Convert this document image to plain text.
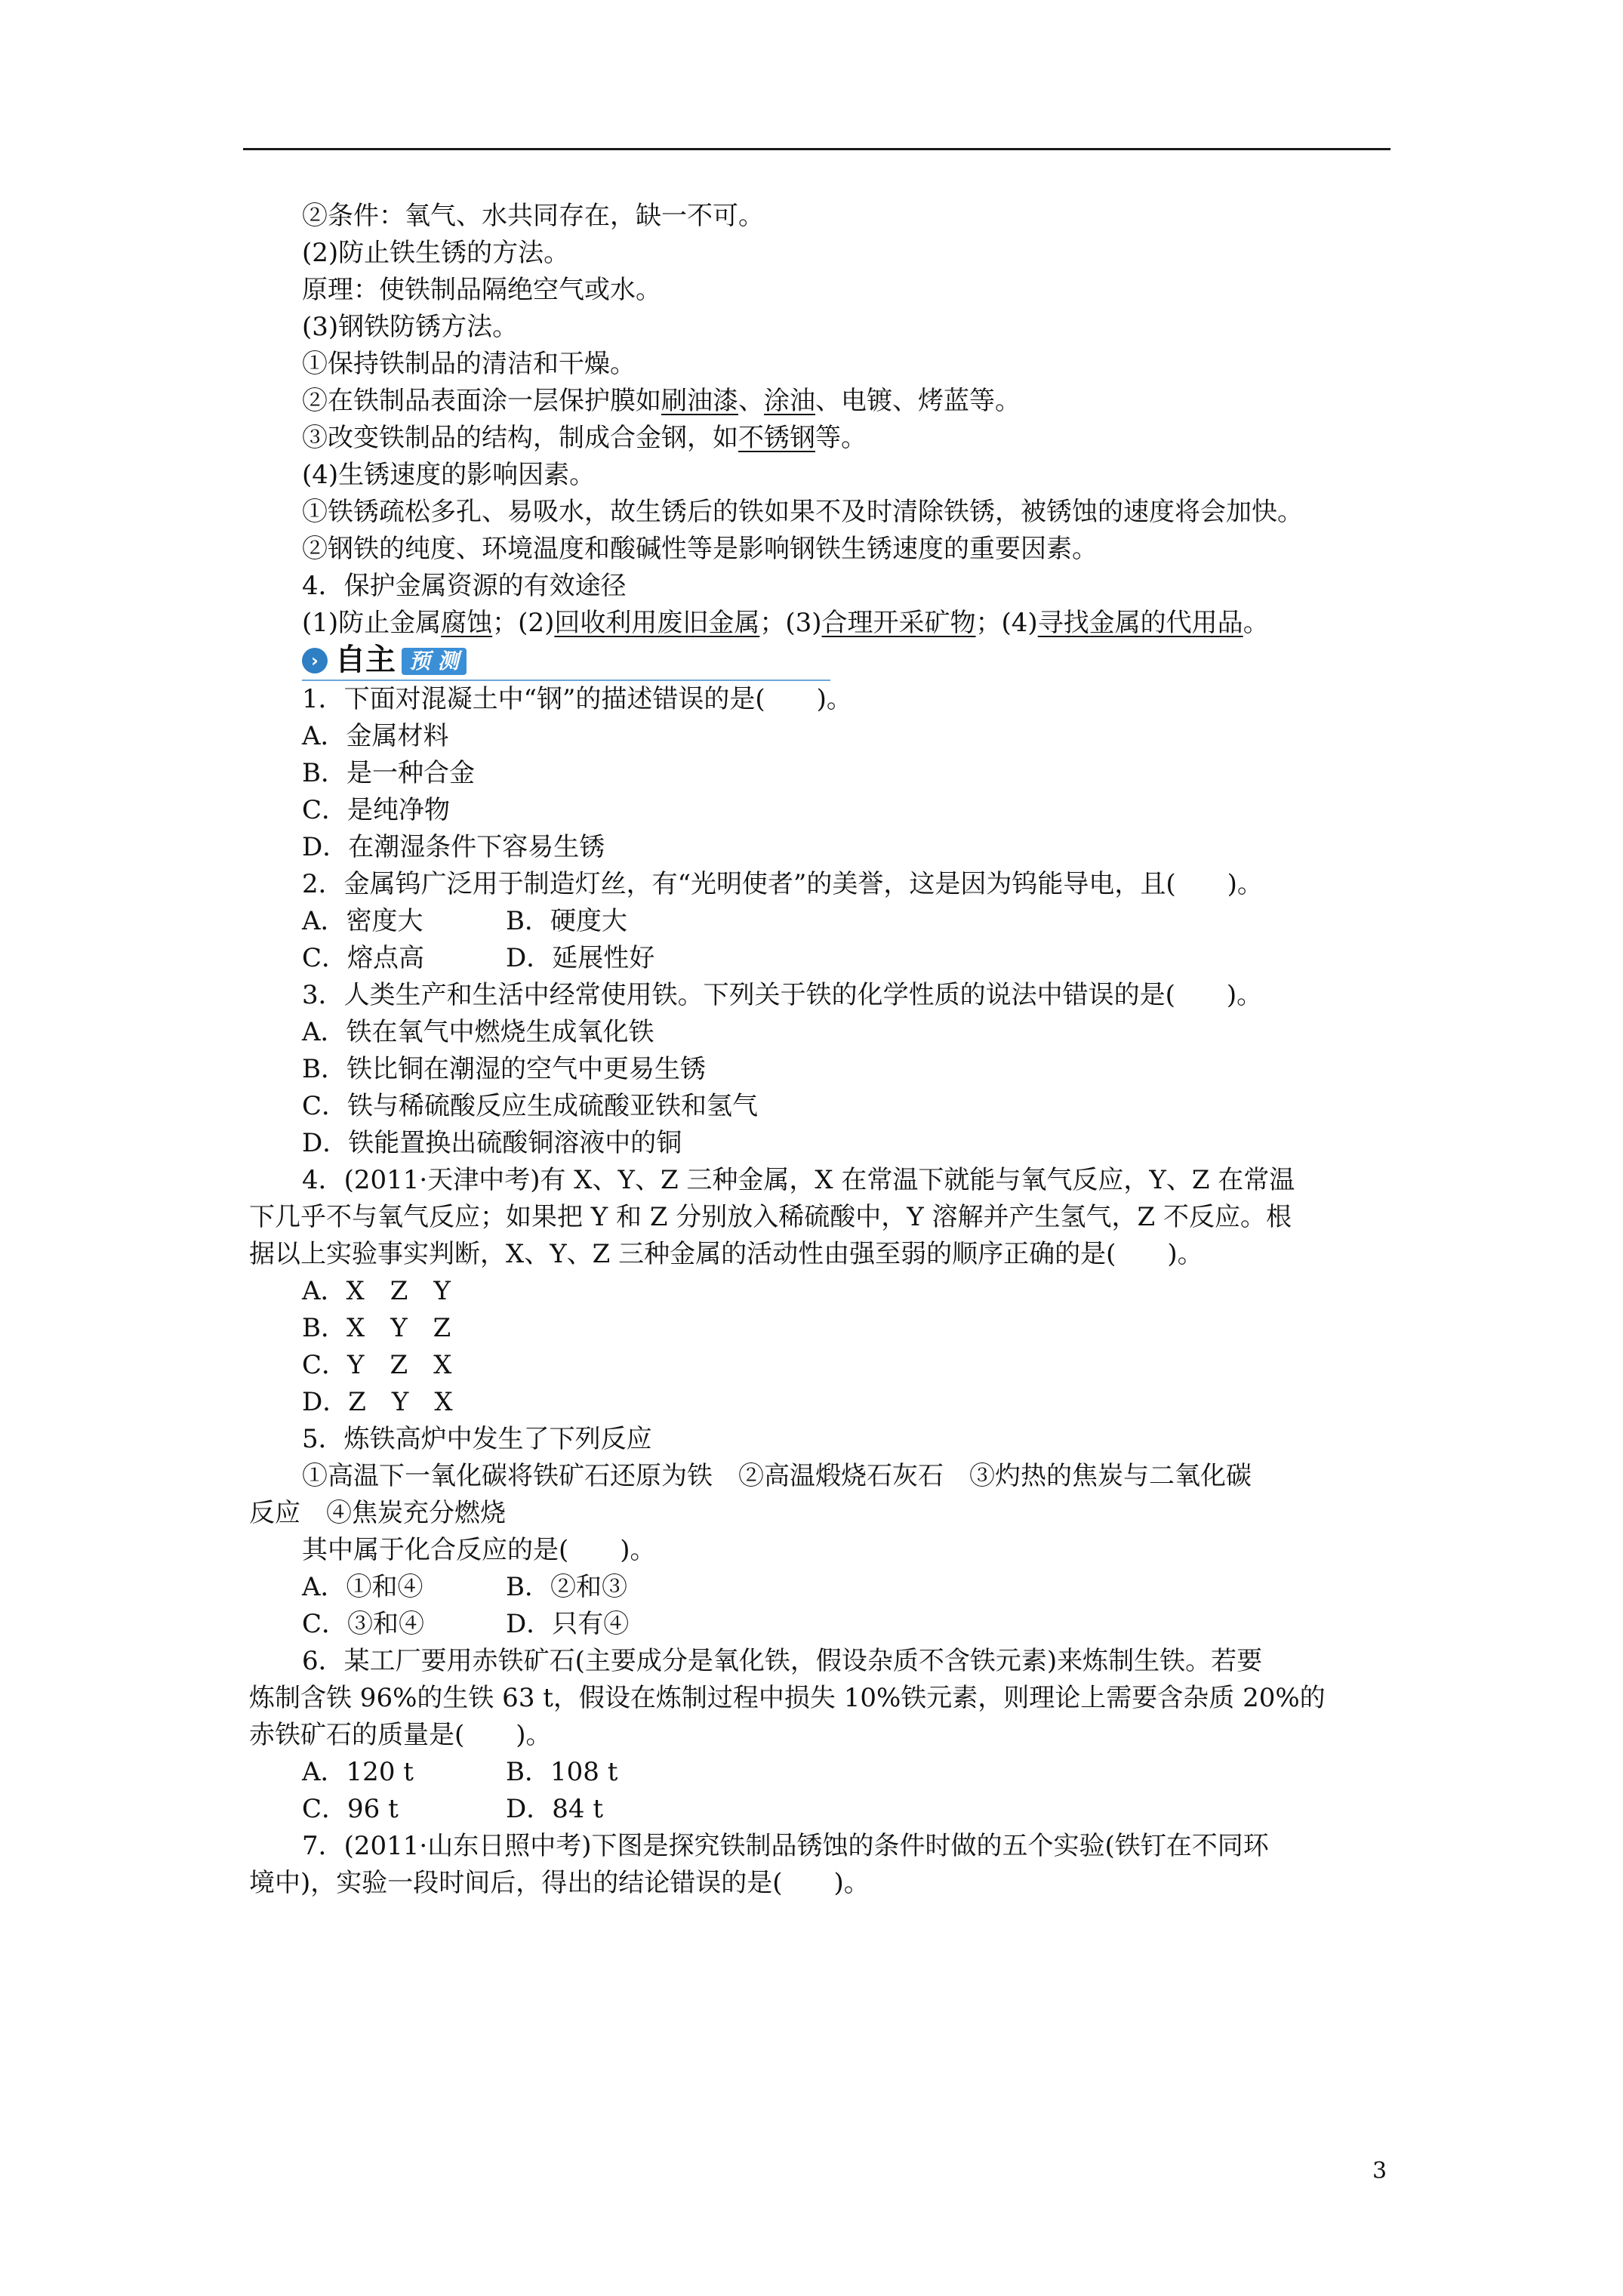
②条件：氧气、水共同存在，缺一不可。
(2)防止铁生锈的方法。
原理：使铁制品隔绝空气或水。
(3)钢铁防锈方法。
①保持铁制品的清洁和干燥。
②在铁制品表面涂一层保护膜如刷油漆、涂油、电镀、烤蓝等。
③改变铁制品的结构，制成合金钢，如不锈钢等。
(4)生锈速度的影响因素。
①铁锈疏松多孔、易吸水，故生锈后的铁如果不及时清除铁锈，被锈蚀的速度将会加快。
②钢铁的纯度、环境温度和酸碱性等是影响钢铁生锈速度的重要因素。
4．保护金属资源的有效途径
(1)防止金属腐蚀；(2)回收利用废旧金属；(3)合理开采矿物；(4)寻找金属的代用品。
› 自主 预 测
1．下面对混凝土中“钢”的描述错误的是(　　)。
A．金属材料
B．是一种合金
C．是纯净物
D．在潮湿条件下容易生锈
2．金属钨广泛用于制造灯丝，有“光明使者”的美誉，这是因为钨能导电，且(　　)。
A．密度大	B．硬度大
C．熔点高	D．延展性好
3．人类生产和生活中经常使用铁。下列关于铁的化学性质的说法中错误的是(　　)。
A．铁在氧气中燃烧生成氧化铁
B．铁比铜在潮湿的空气中更易生锈
C．铁与稀硫酸反应生成硫酸亚铁和氢气
D．铁能置换出硫酸铜溶液中的铜
4．(2011·天津中考)有 X、Y、Z 三种金属，X 在常温下就能与氧气反应，Y、Z 在常温
下几乎不与氧气反应；如果把 Y 和 Z 分别放入稀硫酸中，Y 溶解并产生氢气，Z 不反应。根
据以上实验事实判断，X、Y、Z 三种金属的活动性由强至弱的顺序正确的是(　　)。
A．X　Z　Y
B．X　Y　Z
C．Y　Z　X
D．Z　Y　X
5．炼铁高炉中发生了下列反应
①高温下一氧化碳将铁矿石还原为铁　②高温煅烧石灰石　③灼热的焦炭与二氧化碳
反应　④焦炭充分燃烧
其中属于化合反应的是(　　)。
A．①和④	B．②和③
C．③和④	D．只有④
6．某工厂要用赤铁矿石(主要成分是氧化铁，假设杂质不含铁元素)来炼制生铁。若要
炼制含铁 96%的生铁 63 t，假设在炼制过程中损失 10%铁元素，则理论上需要含杂质 20%的
赤铁矿石的质量是(　　)。
A．120 t	B．108 t
C．96 t	D．84 t
7．(2011·山东日照中考)下图是探究铁制品锈蚀的条件时做的五个实验(铁钉在不同环
境中)，实验一段时间后，得出的结论错误的是(　　)。
3
